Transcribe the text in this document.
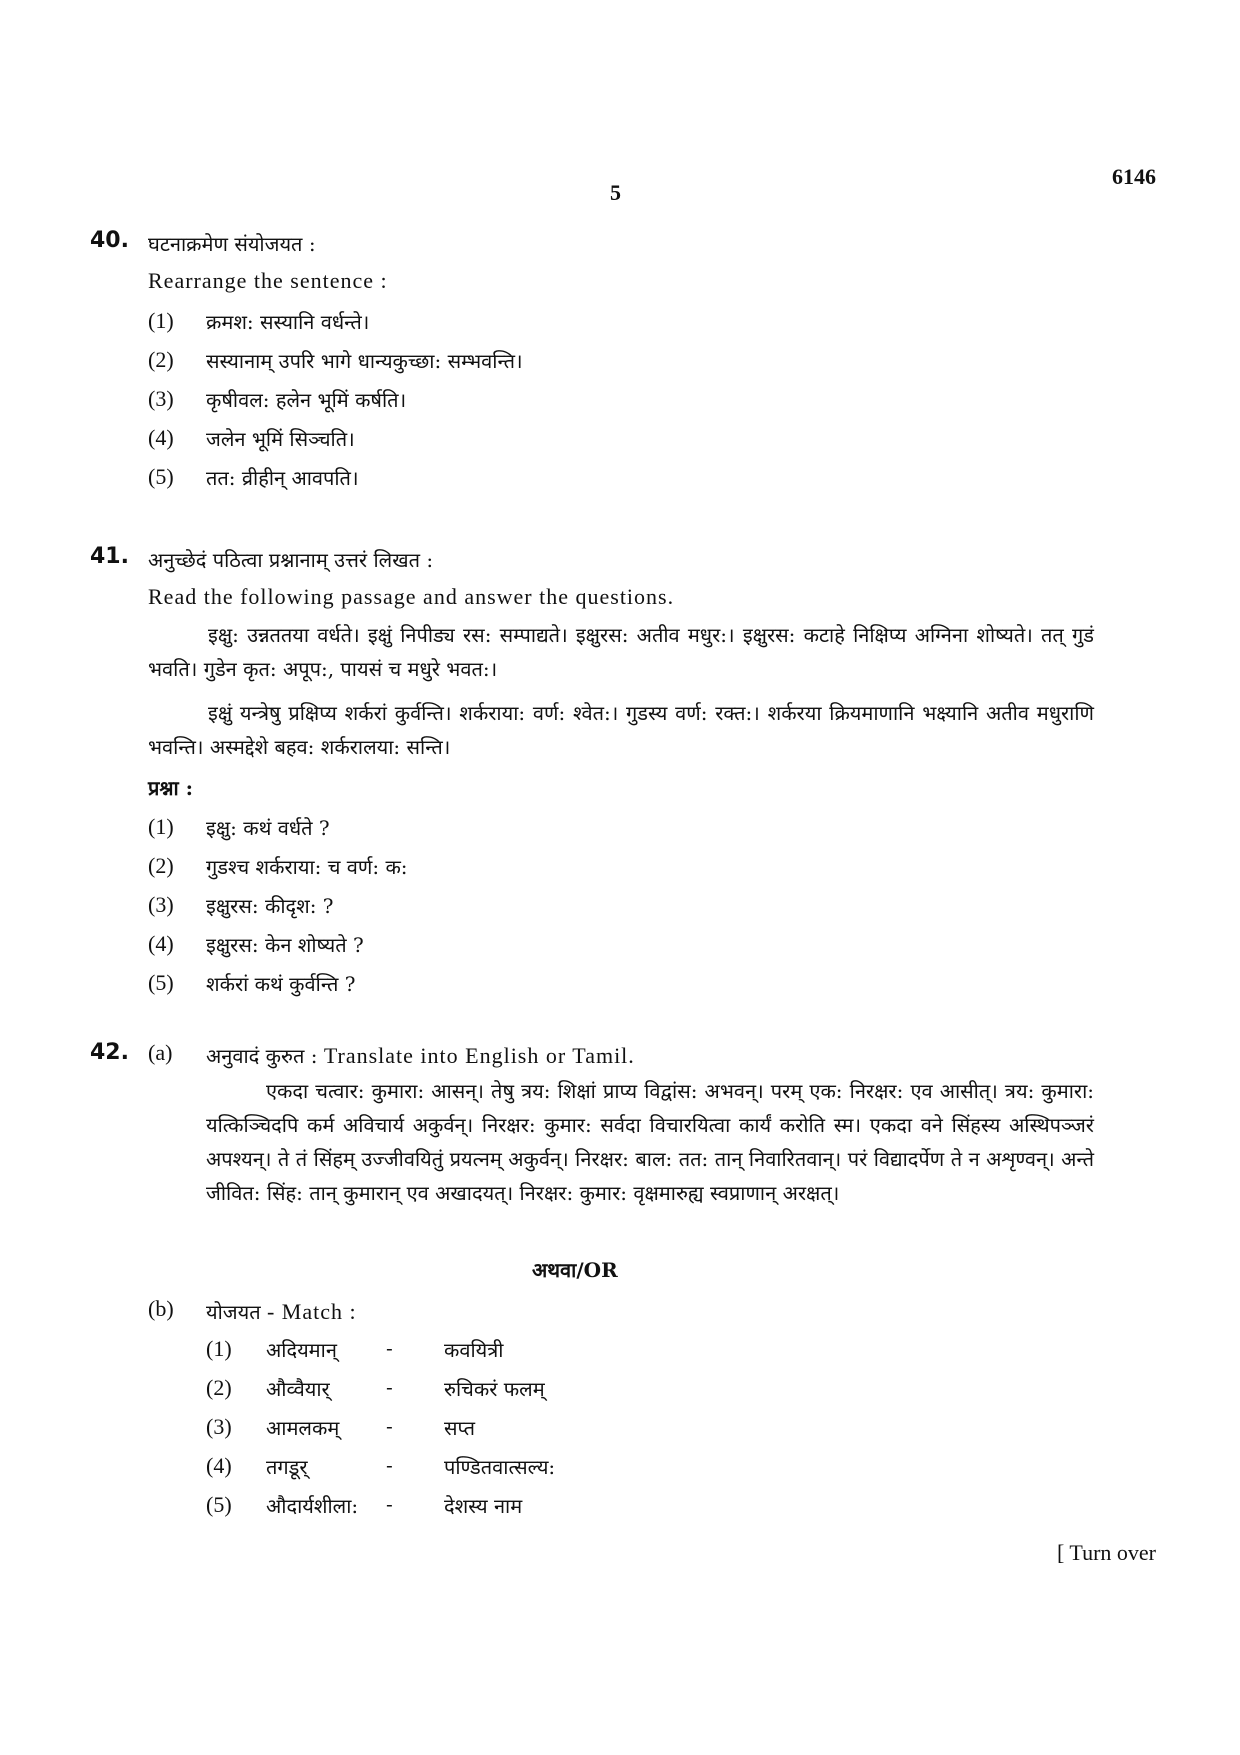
5
6146
40. घटनाक्रमेण संयोजयत :
Rearrange the sentence :
(1) क्रमश: सस्यानि वर्धन्ते।
(2) सस्यानाम् उपरि भागे धान्यकुच्छा: सम्भवन्ति।
(3) कृषीवल: हलेन भूमिं कर्षति।
(4) जलेन भूमिं सिञ्चति।
(5) तत: व्रीहीन् आवपति।
41. अनुच्छेदं पठित्वा प्रश्नानाम् उत्तरं लिखत :
Read the following passage and answer the questions.
इक्षु: उन्नततया वर्धते। इक्षुं निपीड्य रस: सम्पाद्यते। इक्षुरस: अतीव मधुर:। इक्षुरस: कटाहे निक्षिप्य अग्निना शोष्यते। तत् गुडं भवति। गुडेन कृत: अपूप:, पायसं च मधुरे भवत:।
इक्षुं यन्त्रेषु प्रक्षिप्य शर्करां कुर्वन्ति। शर्कराया: वर्ण: श्वेत:। गुडस्य वर्ण: रक्त:। शर्करया क्रियमाणानि भक्ष्यानि अतीव मधुराणि भवन्ति। अस्मद्देशे बहव: शर्करालया: सन्ति।
प्रश्ना :
(1) इक्षु: कथं वर्धते ?
(2) गुडश्च शर्कराया: च वर्ण: क:
(3) इक्षुरस: कीदृश: ?
(4) इक्षुरस: केन शोष्यते ?
(5) शर्करां कथं कुर्वन्ति ?
42. (a) अनुवादं कुरुत : Translate into English or Tamil.
एकदा चत्वार: कुमारा: आसन्। तेषु त्रय: शिक्षां प्राप्य विद्वांस: अभवन्। परम् एक: निरक्षर: एव आसीत्। त्रय: कुमारा: यत्किञ्चिदपि कर्म अविचार्य अकुर्वन्। निरक्षर: कुमार: सर्वदा विचारयित्वा कार्यं करोति स्म। एकदा वने सिंहस्य अस्थिपञ्जरं अपश्यन्। ते तं सिंहम् उज्जीवयितुं प्रयत्नम् अकुर्वन्। निरक्षर: बाल: तत: तान् निवारितवान्। परं विद्यादर्पेण ते न अशृण्वन्। अन्ते जीवित: सिंह: तान् कुमारान् एव अखादयत्। निरक्षर: कुमार: वृक्षमारुह्य स्वप्राणान् अरक्षत्।
अथवा/OR
(b) योजयत - Match :
(1) अदियमान् -	कवयित्री
(2) औव्वैयार्	-	रुचिकरं फलम्
(3) आमलकम् -	सप्त
(4) तगडूर्	-	पण्डितवात्सल्य:
(5) औदार्यशीला: -	देशस्य नाम
[ Turn over
